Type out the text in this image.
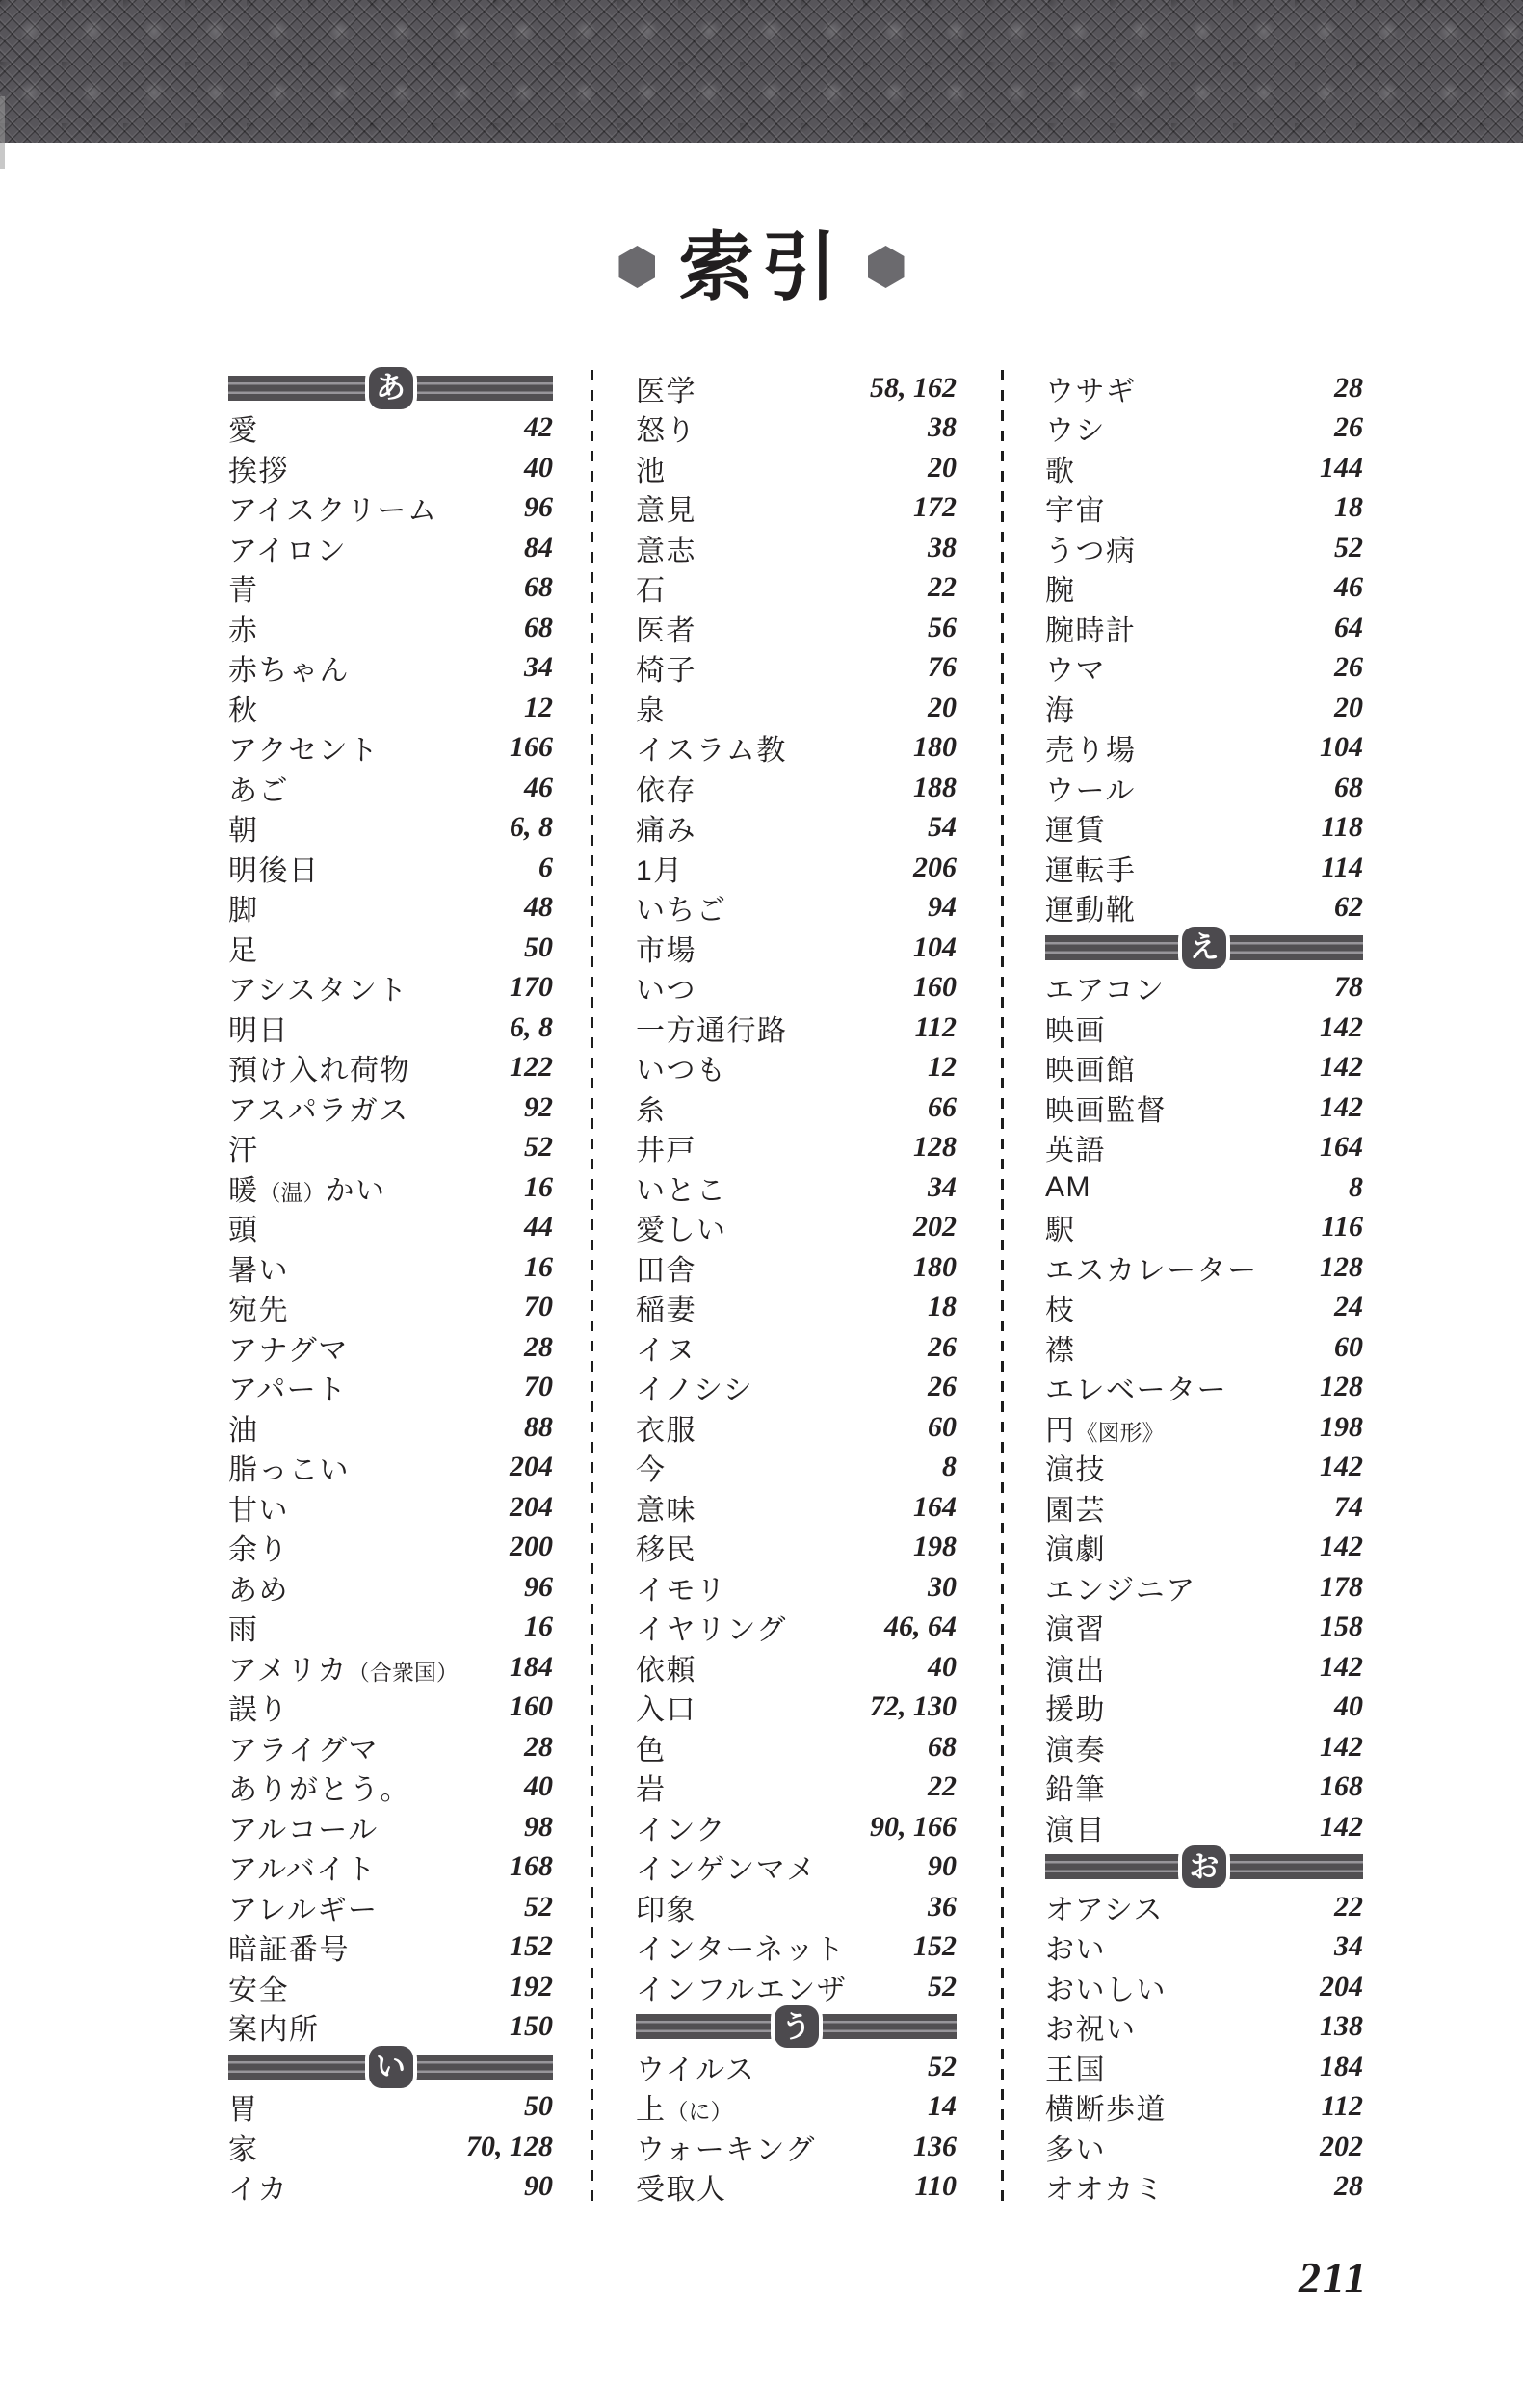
索引
あ
愛	42
挨拶	40
アイスクリーム	96
アイロン	84
青	68
赤	68
赤ちゃん	34
秋	12
アクセント	166
あご	46
朝	6, 8
明後日	6
脚	48
足	50
アシスタント	170
明日	6, 8
預け入れ荷物	122
アスパラガス	92
汗	52
暖（温）かい	16
頭	44
暑い	16
宛先	70
アナグマ	28
アパート	70
油	88
脂っこい	204
甘い	204
余り	200
あめ	96
雨	16
アメリカ（合衆国） 184
誤り	160
アライグマ	28
ありがとう。	40
アルコール	98
アルバイト	168
アレルギー	52
暗証番号	152
安全	192
案内所	150
い
胃	50
家	70, 128
イカ	90
医学	58, 162
怒り	38
池	20
意見	172
意志	38
石	22
医者	56
椅子	76
泉	20
イスラム教	180
依存	188
痛み	54
1月	206
いちご	94
市場	104
いつ	160
一方通行路	112
いつも	12
糸	66
井戸	128
いとこ	34
愛しい	202
田舎	180
稲妻	18
イヌ	26
イノシシ	26
衣服	60
今	8
意味	164
移民	198
イモリ	30
イヤリング	46, 64
依頼	40
入口	72, 130
色	68
岩	22
インク	90, 166
インゲンマメ	90
印象	36
インターネット 152
インフルエンザ	52
う
ウイルス	52
上（に）	14
ウォーキング	136
受取人	110
ウサギ	28
ウシ	26
歌	144
宇宙	18
うつ病	52
腕	46
腕時計	64
ウマ	26
海	20
売り場	104
ウール	68
運賃	118
運転手	114
運動靴	62
え
エアコン	78
映画	142
映画館	142
映画監督	142
英語	164
AM	8
駅	116
エスカレーター 128
枝	24
襟	60
エレベーター	128
円《図形》	198
演技	142
園芸	74
演劇	142
エンジニア	178
演習	158
演出	142
援助	40
演奏	142
鉛筆	168
演目	142
お
オアシス	22
おい	34
おいしい	204
お祝い	138
王国	184
横断歩道	112
多い	202
オオカミ	28
211
